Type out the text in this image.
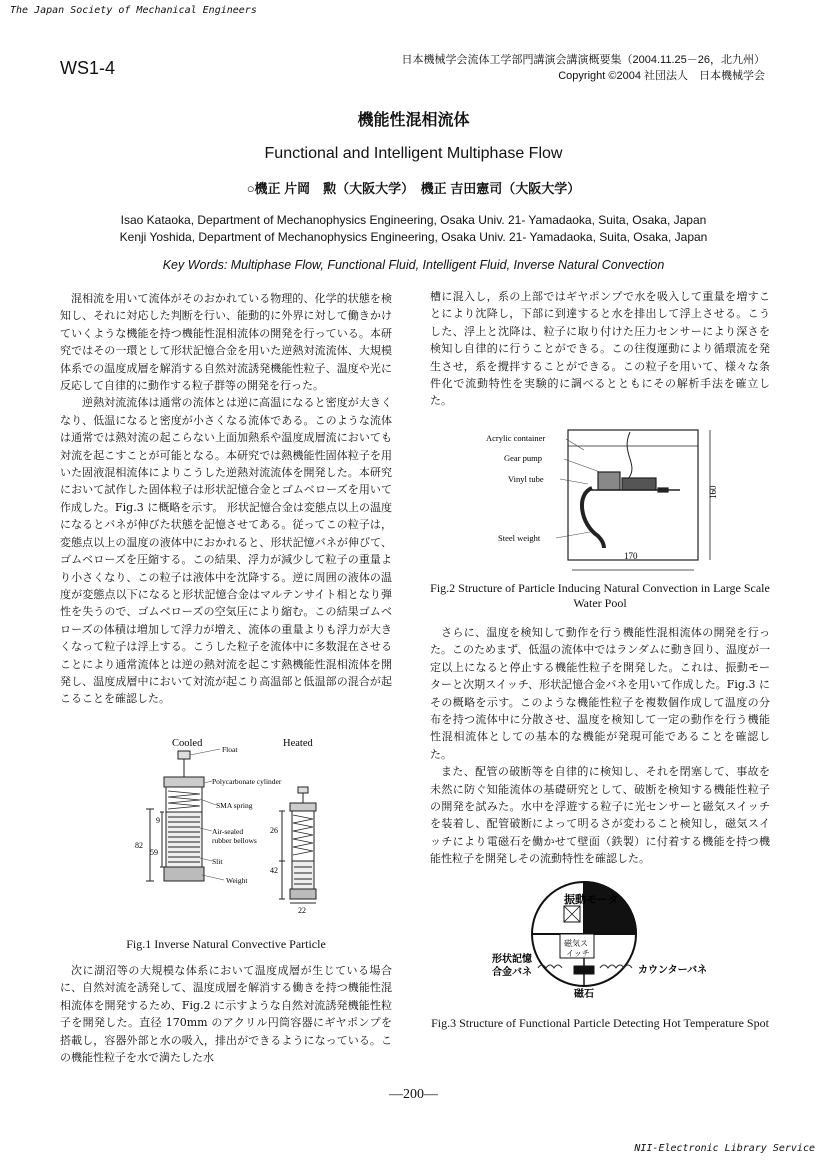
The Japan Society of Mechanical Engineers
NII-Electronic Library Service
WS1-4	日本機械学会流体工学部門講演会講演概要集（2004.11.25－26，北九州）
Copyright ©2004 社団法人　日本機械学会
機能性混相流体
Functional and Intelligent Multiphase Flow
○機正 片岡　勲（大阪大学）　機正 吉田憲司（大阪大学）
Isao Kataoka, Department of Mechanophysics Engineering, Osaka Univ. 21- Yamadaoka, Suita, Osaka, Japan
Kenji Yoshida, Department of Mechanophysics Engineering, Osaka Univ. 21- Yamadaoka, Suita, Osaka, Japan
Key Words: Multiphase Flow, Functional Fluid, Intelligent Fluid, Inverse Natural Convection

混相流を用いて流体がそのおかれている物理的、化学的状態を検知し、それに対応した判断を行い、能動的に外界に対して働きかけていくような機能を持つ機能性混相流体の開発を行っている。本研究ではその一環として形状記憶合金を用いた逆熱対流流体、大規模体系での温度成層を解消する自然対流誘発機能性粒子、温度や光に反応して自律的に動作する粒子群等の開発を行った。

逆熱対流流体は通常の流体とは逆に高温になると密度が大きくなり、低温になると密度が小さくなる流体である。このような流体は通常では熱対流の起こらない上面加熱系や温度成層流においても対流を起こすことが可能となる。本研究では熱機能性固体粒子を用いた固液混相流体によりこうした逆熱対流流体を開発した。本研究において試作した固体粒子は形状記憶合金とゴムベローズを用いて作成した。Fig.3 に概略を示す。 形状記憶合金は変態点以上の温度になるとバネが伸びた状態を記憶させてある。従ってこの粒子は，変態点以上の温度の液体中におかれると、形状記憶バネが伸びて、ゴムベローズを圧縮する。この結果、浮力が減少して粒子の重量より小さくなり、この粒子は液体中を沈降する。逆に周囲の液体の温度が変態点以下になると形状記憶合金はマルテンサイト相となり弾性を失うので、ゴムベローズの空気圧により縮む。この結果ゴムベローズの体積は増加して浮力が増え、流体の重量よりも浮力が大きくなって粒子は浮上する。こうした粒子を流体中に多数混在させることにより通常流体とは逆の熱対流を起こす熱機能性混相流体を開発し、温度成層中において対流が起こり高温部と低温部の混合が起こることを確認した。

Cooled	Heated
82
59
9
Float
Polycarbonate cylinder
SMA spring
Air-sealed
rubber bellows
Slit
Weight
26
42
22
Fig.1 Inverse Natural Convective Particle

次に湖沼等の大規模な体系において温度成層が生じている場合に、自然対流を誘発して、温度成層を解消する働きを持つ機能性混相流体を開発するため、Fig.2 に示すような自然対流誘発機能性粒子を開発した。直径 170mm のアクリル円筒容器にギヤポンプを搭載し，容器外部と水の吸入，排出ができるようになっている。この機能性粒子を水で満たした水

槽に混入し，系の上部ではギヤポンプで水を吸入して重量を増すことにより沈降し，下部に到達すると水を排出して浮上させる。こうした、浮上と沈降は、粒子に取り付けた圧力センサーにより深さを検知し自律的に行うことができる。この往復運動により循環流を発生させ，系を攪拌することができる。この粒子を用いて、様々な条件化で流動特性を実験的に調べるとともにその解析手法を確立した。

Acrylic container
Gear pump
Vinyl tube
Steel weight
160
170
Fig.2 Structure of Particle Inducing Natural Convection in Large Scale Water Pool

さらに、温度を検知して動作を行う機能性混相流体の開発を行った。このためまず、低温の流体中ではランダムに動き回り、温度が一定以上になると停止する機能性粒子を開発した。これは、振動モーターと次期スイッチ、形状記憶合金バネを用いて作成した。Fig.3 にその概略を示す。このような機能性粒子を複数個作成して温度の分布を持つ流体中に分散させ、温度を検知して一定の動作を行う機能性混相流体としての基本的な機能が発現可能であることを確認した。

また、配管の破断等を自律的に検知し、それを閉塞して、事故を未然に防ぐ知能流体の基礎研究として、破断を検知する機能性粒子の開発を試みた。水中を浮遊する粒子に光センサーと磁気スイッチを装着し、配管破断によって明るさが変わること検知し，磁気スイッチにより電磁石を働かせて壁面（鉄製）に付着する機能を持つ機能性粒子を開発しその流動特性を確認した。

振動モータ
磁気ス
イッチ
形状記憶
合金バネ	カウンターバネ
磁石
Fig.3 Structure of Functional Particle Detecting Hot Temperature Spot
—200—
